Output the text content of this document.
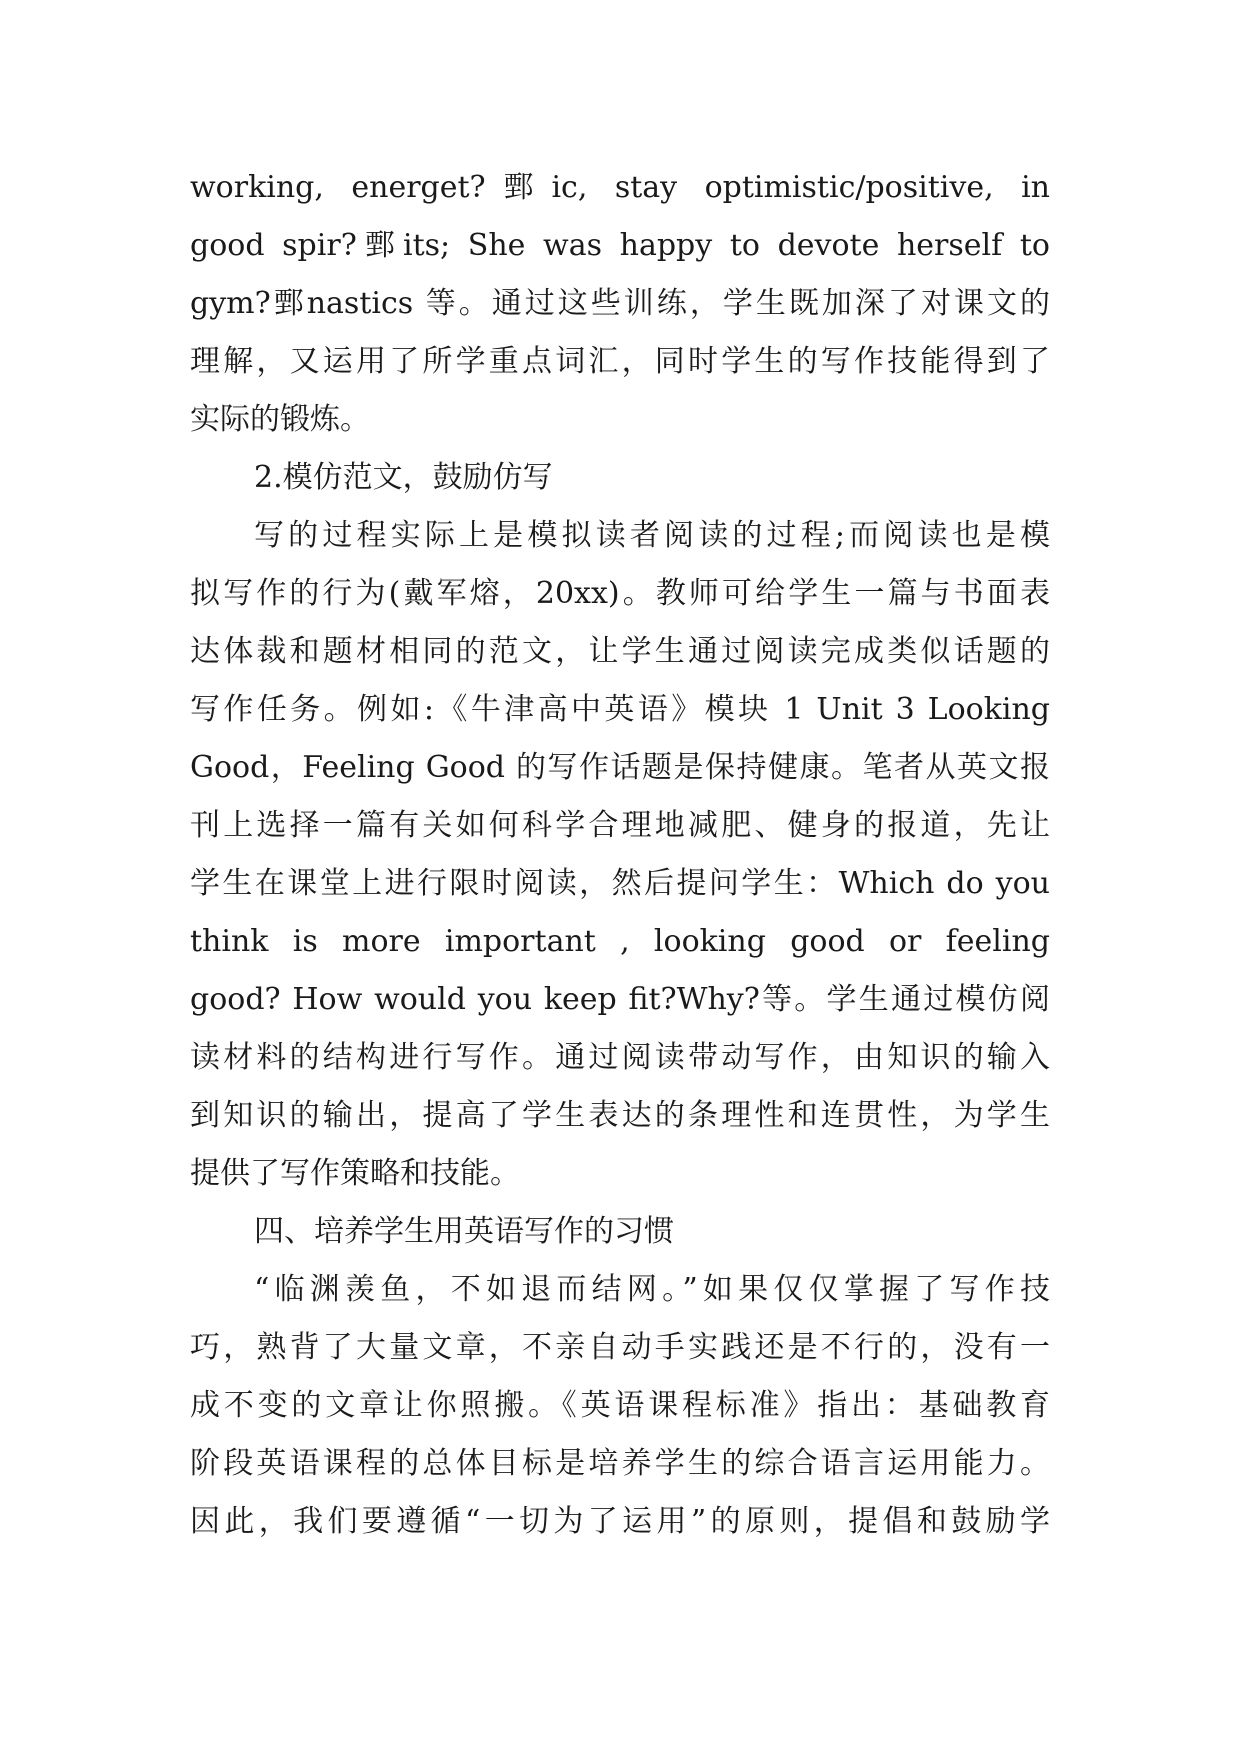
working, energet?鄄ic, stay optimistic/positive, in
good spir?鄄its; She was happy to devote herself to
gym?鄄nastics 等。通过这些训练，学生既加深了对课文的
理解，又运用了所学重点词汇，同时学生的写作技能得到了
实际的锻炼。
2.模仿范文，鼓励仿写
写的过程实际上是模拟读者阅读的过程;而阅读也是模
拟写作的行为(戴军熔，20xx)。教师可给学生一篇与书面表
达体裁和题材相同的范文，让学生通过阅读完成类似话题的
写作任务。例如:《牛津高中英语》模块 1 Unit 3 Looking
Good，Feeling Good 的写作话题是保持健康。笔者从英文报
刊上选择一篇有关如何科学合理地减肥、健身的报道，先让
学生在课堂上进行限时阅读，然后提问学生：Which do you
think is more important , looking good or feeling
good? How would you keep fit?Why?等。学生通过模仿阅
读材料的结构进行写作。通过阅读带动写作，由知识的输入
到知识的输出，提高了学生表达的条理性和连贯性，为学生
提供了写作策略和技能。
四、培养学生用英语写作的习惯
“临渊羡鱼，不如退而结网。”如果仅仅掌握了写作技
巧，熟背了大量文章，不亲自动手实践还是不行的，没有一
成不变的文章让你照搬。《英语课程标准》指出：基础教育
阶段英语课程的总体目标是培养学生的综合语言运用能力。
因此，我们要遵循“一切为了运用”的原则，提倡和鼓励学
